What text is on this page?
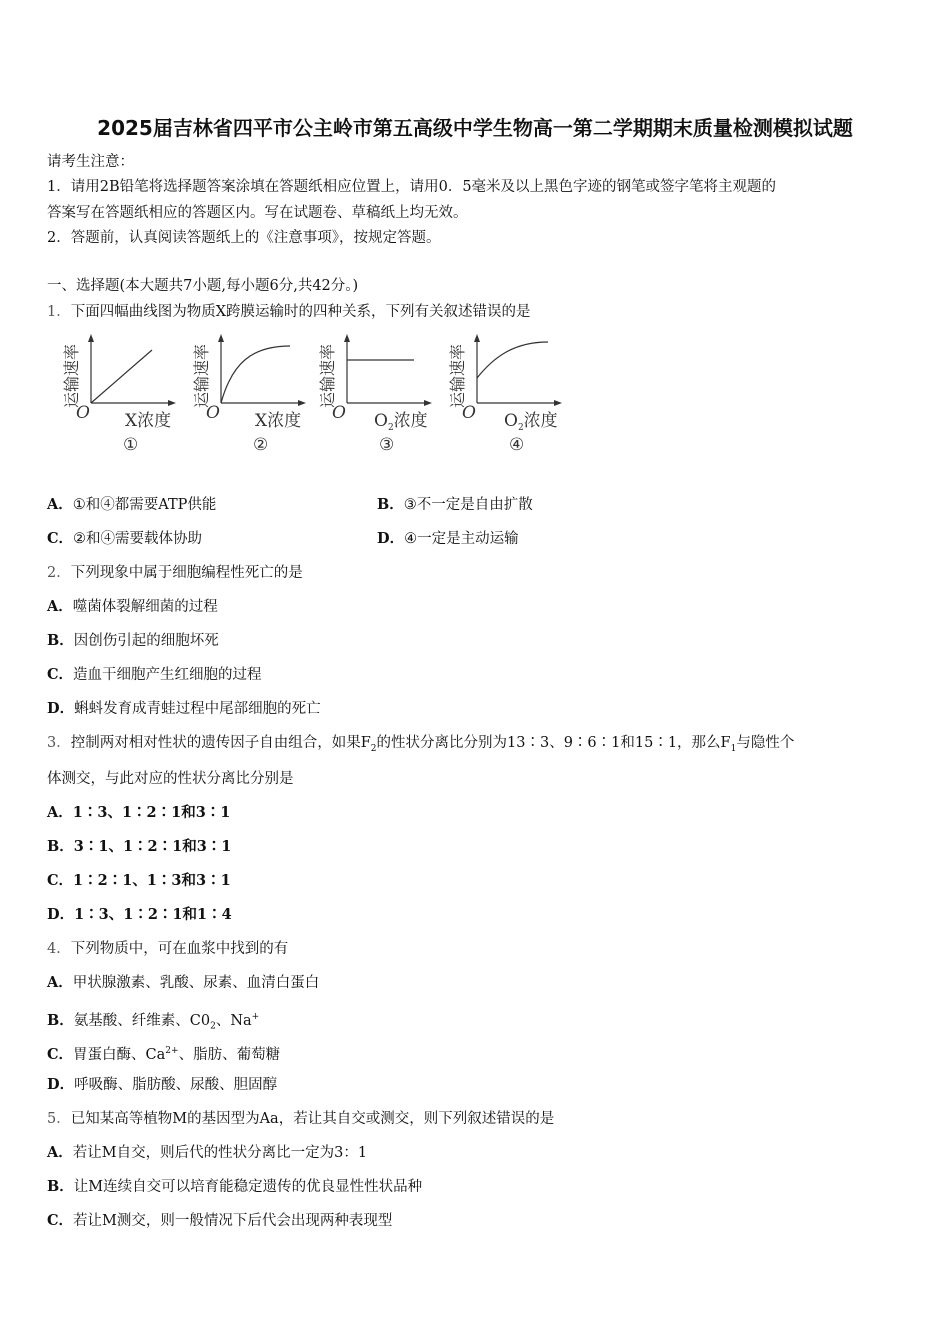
2025届吉林省四平市公主岭市第五高级中学生物高一第二学期期末质量检测模拟试题
请考生注意：
1．请用2B铅笔将选择题答案涂填在答题纸相应位置上，请用0．5毫米及以上黑色字迹的钢笔或签字笔将主观题的
答案写在答题纸相应的答题区内。写在试题卷、草稿纸上均无效。
2．答题前，认真阅读答题纸上的《注意事项》，按规定答题。
一、选择题(本大题共7小题,每小题6分,共42分。)
1．下面四幅曲线图为物质X跨膜运输时的四种关系，下列有关叙述错误的是
运输速率
O X浓度
①
运输速率
O X浓度
②
运输速率
O $O_2$浓度
③
运输速率
O $O_2$浓度
④
A．①和④都需要ATP供能	B．③不一定是自由扩散
C．②和④需要载体协助	D．④一定是主动运输
2．下列现象中属于细胞编程性死亡的是
A．噬菌体裂解细菌的过程
B．因创伤引起的细胞坏死
C．造血干细胞产生红细胞的过程
D．蝌蚪发育成青蛙过程中尾部细胞的死亡
3．控制两对相对性状的遗传因子自由组合，如果$F_2$的性状分离比分别为13∶3、9∶6∶1和15∶1，那么$F_1$与隐性个
体测交，与此对应的性状分离比分别是
A．1∶3、1∶2∶1和3∶1
B．3∶1、1∶2∶1和3∶1
C．1∶2∶1、1∶3和3∶1
D．1∶3、1∶2∶1和1∶4
4．下列物质中，可在血浆中找到的有
A．甲状腺激素、乳酸、尿素、血清白蛋白
B．氨基酸、纤维素、$C0_2$、Na+
C．胃蛋白酶、$Ca^{2+}$、脂肪、葡萄糖
D．呼吸酶、脂肪酸、尿酸、胆固醇
5．已知某高等植物M的基因型为Aa，若让其自交或测交，则下列叙述错误的是
A．若让M自交，则后代的性状分离比一定为3：1
B．让M连续自交可以培育能稳定遗传的优良显性性状品种
C．若让M测交，则一般情况下后代会出现两种表现型
